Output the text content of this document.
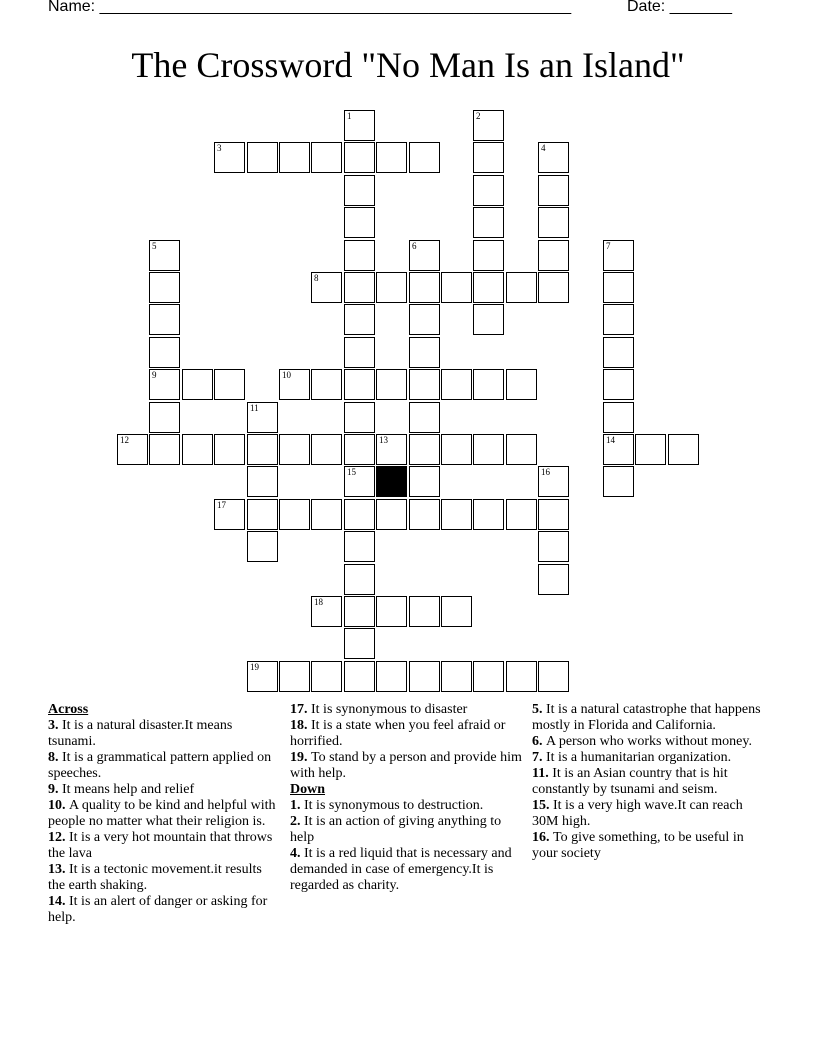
Name: _____________________________________________________	Date: _______
The Crossword "No Man Is an Island"
1
15
2
3	4
5
9
6	7
14
8
10
11
12	13
16
17
18
19
Across
3. It is a natural disaster.It means tsunami.
8. It is a grammatical pattern applied on speeches.
9. It means help and relief
10. A quality to be kind and helpful with people no matter what their religion is.
12. It is a very hot mountain that throws the lava
13. It is a tectonic movement.it results the earth shaking.
14. It is an alert of danger or asking for help.
17. It is synonymous to disaster
18. It is a state when you feel afraid or horrified.
19. To stand by a person and provide him with help.
Down
1. It is synonymous to destruction.
2. It is an action of giving anything to help
4. It is a red liquid that is necessary and demanded in case of emergency.It is regarded as charity.
5. It is a natural catastrophe that happens mostly in Florida and California.
6. A person who works without money.
7. It is a humanitarian organization.
11. It is an Asian country that is hit constantly by tsunami and seism.
15. It is a very high wave.It can reach 30M high.
16. To give something, to be useful in your society
